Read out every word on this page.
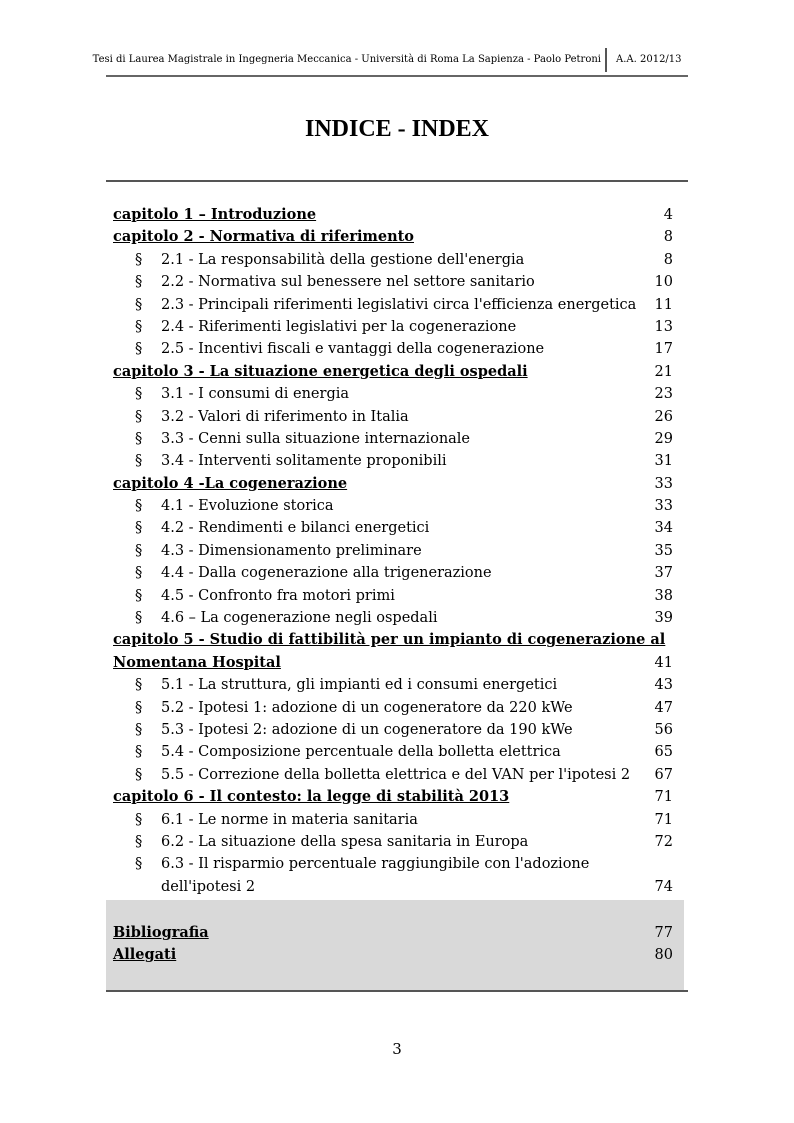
Tesi di Laurea Magistrale in Ingegneria Meccanica - Università di Roma La Sapienza - Paolo Petroni A.A. 2012/13
INDICE - INDEX
capitolo 1 – Introduzione	4
capitolo 2 - Normativa di riferimento	8
§ 2.1 - La responsabilità della gestione dell'energia	8
§ 2.2 - Normativa sul benessere nel settore sanitario	10
§ 2.3 - Principali riferimenti legislativi circa l'efficienza energetica 11
§ 2.4 - Riferimenti legislativi per la cogenerazione	13
§ 2.5 - Incentivi fiscali e vantaggi della cogenerazione	17
capitolo 3 - La situazione energetica degli ospedali	21
§ 3.1 - I consumi di energia	23
§ 3.2 - Valori di riferimento in Italia	26
§ 3.3 - Cenni sulla situazione internazionale	29
§ 3.4 - Interventi solitamente proponibili	31
capitolo 4 -La cogenerazione	33
§ 4.1 - Evoluzione storica	33
§ 4.2 - Rendimenti e bilanci energetici	34
§ 4.3 - Dimensionamento preliminare	35
§ 4.4 - Dalla cogenerazione alla trigenerazione	37
§ 4.5 - Confronto fra motori primi	38
§ 4.6 – La cogenerazione negli ospedali	39
capitolo 5 - Studio di fattibilità per un impianto di cogenerazione al
Nomentana Hospital	41
§ 5.1 - La struttura, gli impianti ed i consumi energetici	43
§ 5.2 - Ipotesi 1: adozione di un cogeneratore da 220 kWe	47
§ 5.3 - Ipotesi 2: adozione di un cogeneratore da 190 kWe	56
§ 5.4 - Composizione percentuale della bolletta elettrica	65
§ 5.5 - Correzione della bolletta elettrica e del VAN per l'ipotesi 2 67
capitolo 6 - Il contesto: la legge di stabilità 2013	71
§ 6.1 - Le norme in materia sanitaria	71
§ 6.2 - La situazione della spesa sanitaria in Europa	72
§ 6.3 - Il risparmio percentuale raggiungibile con l'adozione
dell'ipotesi 2	74
Bibliografia	77
Allegati	80
3
